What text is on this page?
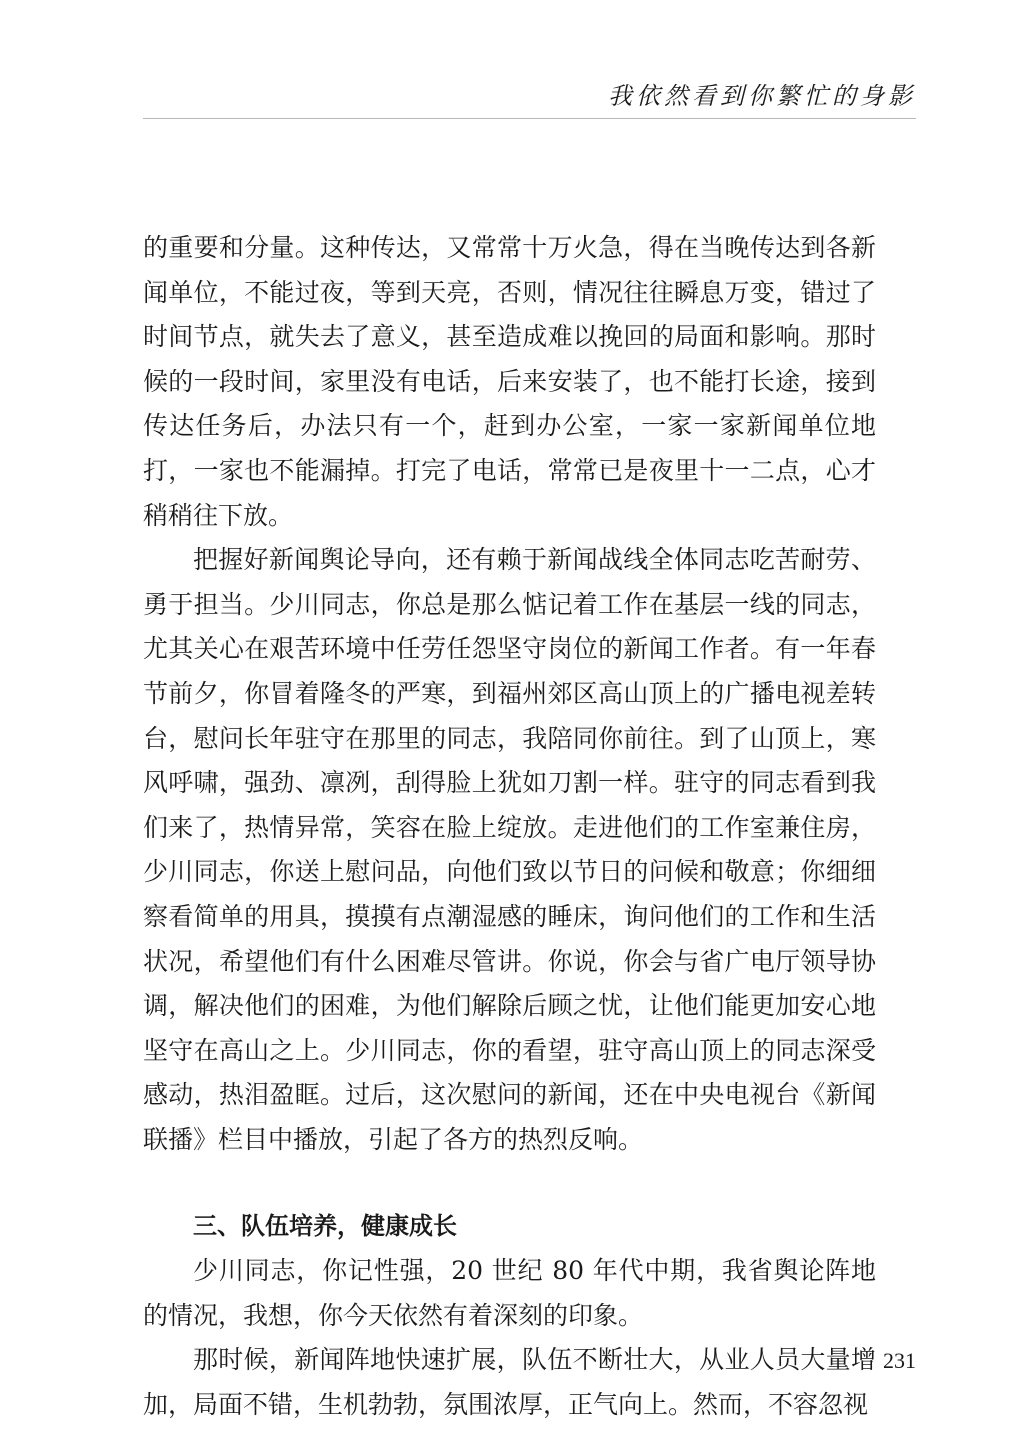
我依然看到你繁忙的身影

的重要和分量。这种传达，又常常十万火急，得在当晚传达到各新闻单位，不能过夜，等到天亮，否则，情况往往瞬息万变，错过了时间节点，就失去了意义，甚至造成难以挽回的局面和影响。那时候的一段时间，家里没有电话，后来安装了，也不能打长途，接到传达任务后，办法只有一个，赶到办公室，一家一家新闻单位地打，一家也不能漏掉。打完了电话，常常已是夜里十一二点，心才稍稍往下放。

把握好新闻舆论导向，还有赖于新闻战线全体同志吃苦耐劳、勇于担当。少川同志，你总是那么惦记着工作在基层一线的同志，尤其关心在艰苦环境中任劳任怨坚守岗位的新闻工作者。有一年春节前夕，你冒着隆冬的严寒，到福州郊区高山顶上的广播电视差转台，慰问长年驻守在那里的同志，我陪同你前往。到了山顶上，寒风呼啸，强劲、凛冽，刮得脸上犹如刀割一样。驻守的同志看到我们来了，热情异常，笑容在脸上绽放。走进他们的工作室兼住房，少川同志，你送上慰问品，向他们致以节日的问候和敬意；你细细察看简单的用具，摸摸有点潮湿感的睡床，询问他们的工作和生活状况，希望他们有什么困难尽管讲。你说，你会与省广电厅领导协调，解决他们的困难，为他们解除后顾之忧，让他们能更加安心地坚守在高山之上。少川同志，你的看望，驻守高山顶上的同志深受感动，热泪盈眶。过后，这次慰问的新闻，还在中央电视台《新闻联播》栏目中播放，引起了各方的热烈反响。

三、队伍培养，健康成长

少川同志，你记性强，20 世纪 80 年代中期，我省舆论阵地的情况，我想，你今天依然有着深刻的印象。

那时候，新闻阵地快速扩展，队伍不断壮大，从业人员大量增加，局面不错，生机勃勃，氛围浓厚，正气向上。然而，不容忽视

231
